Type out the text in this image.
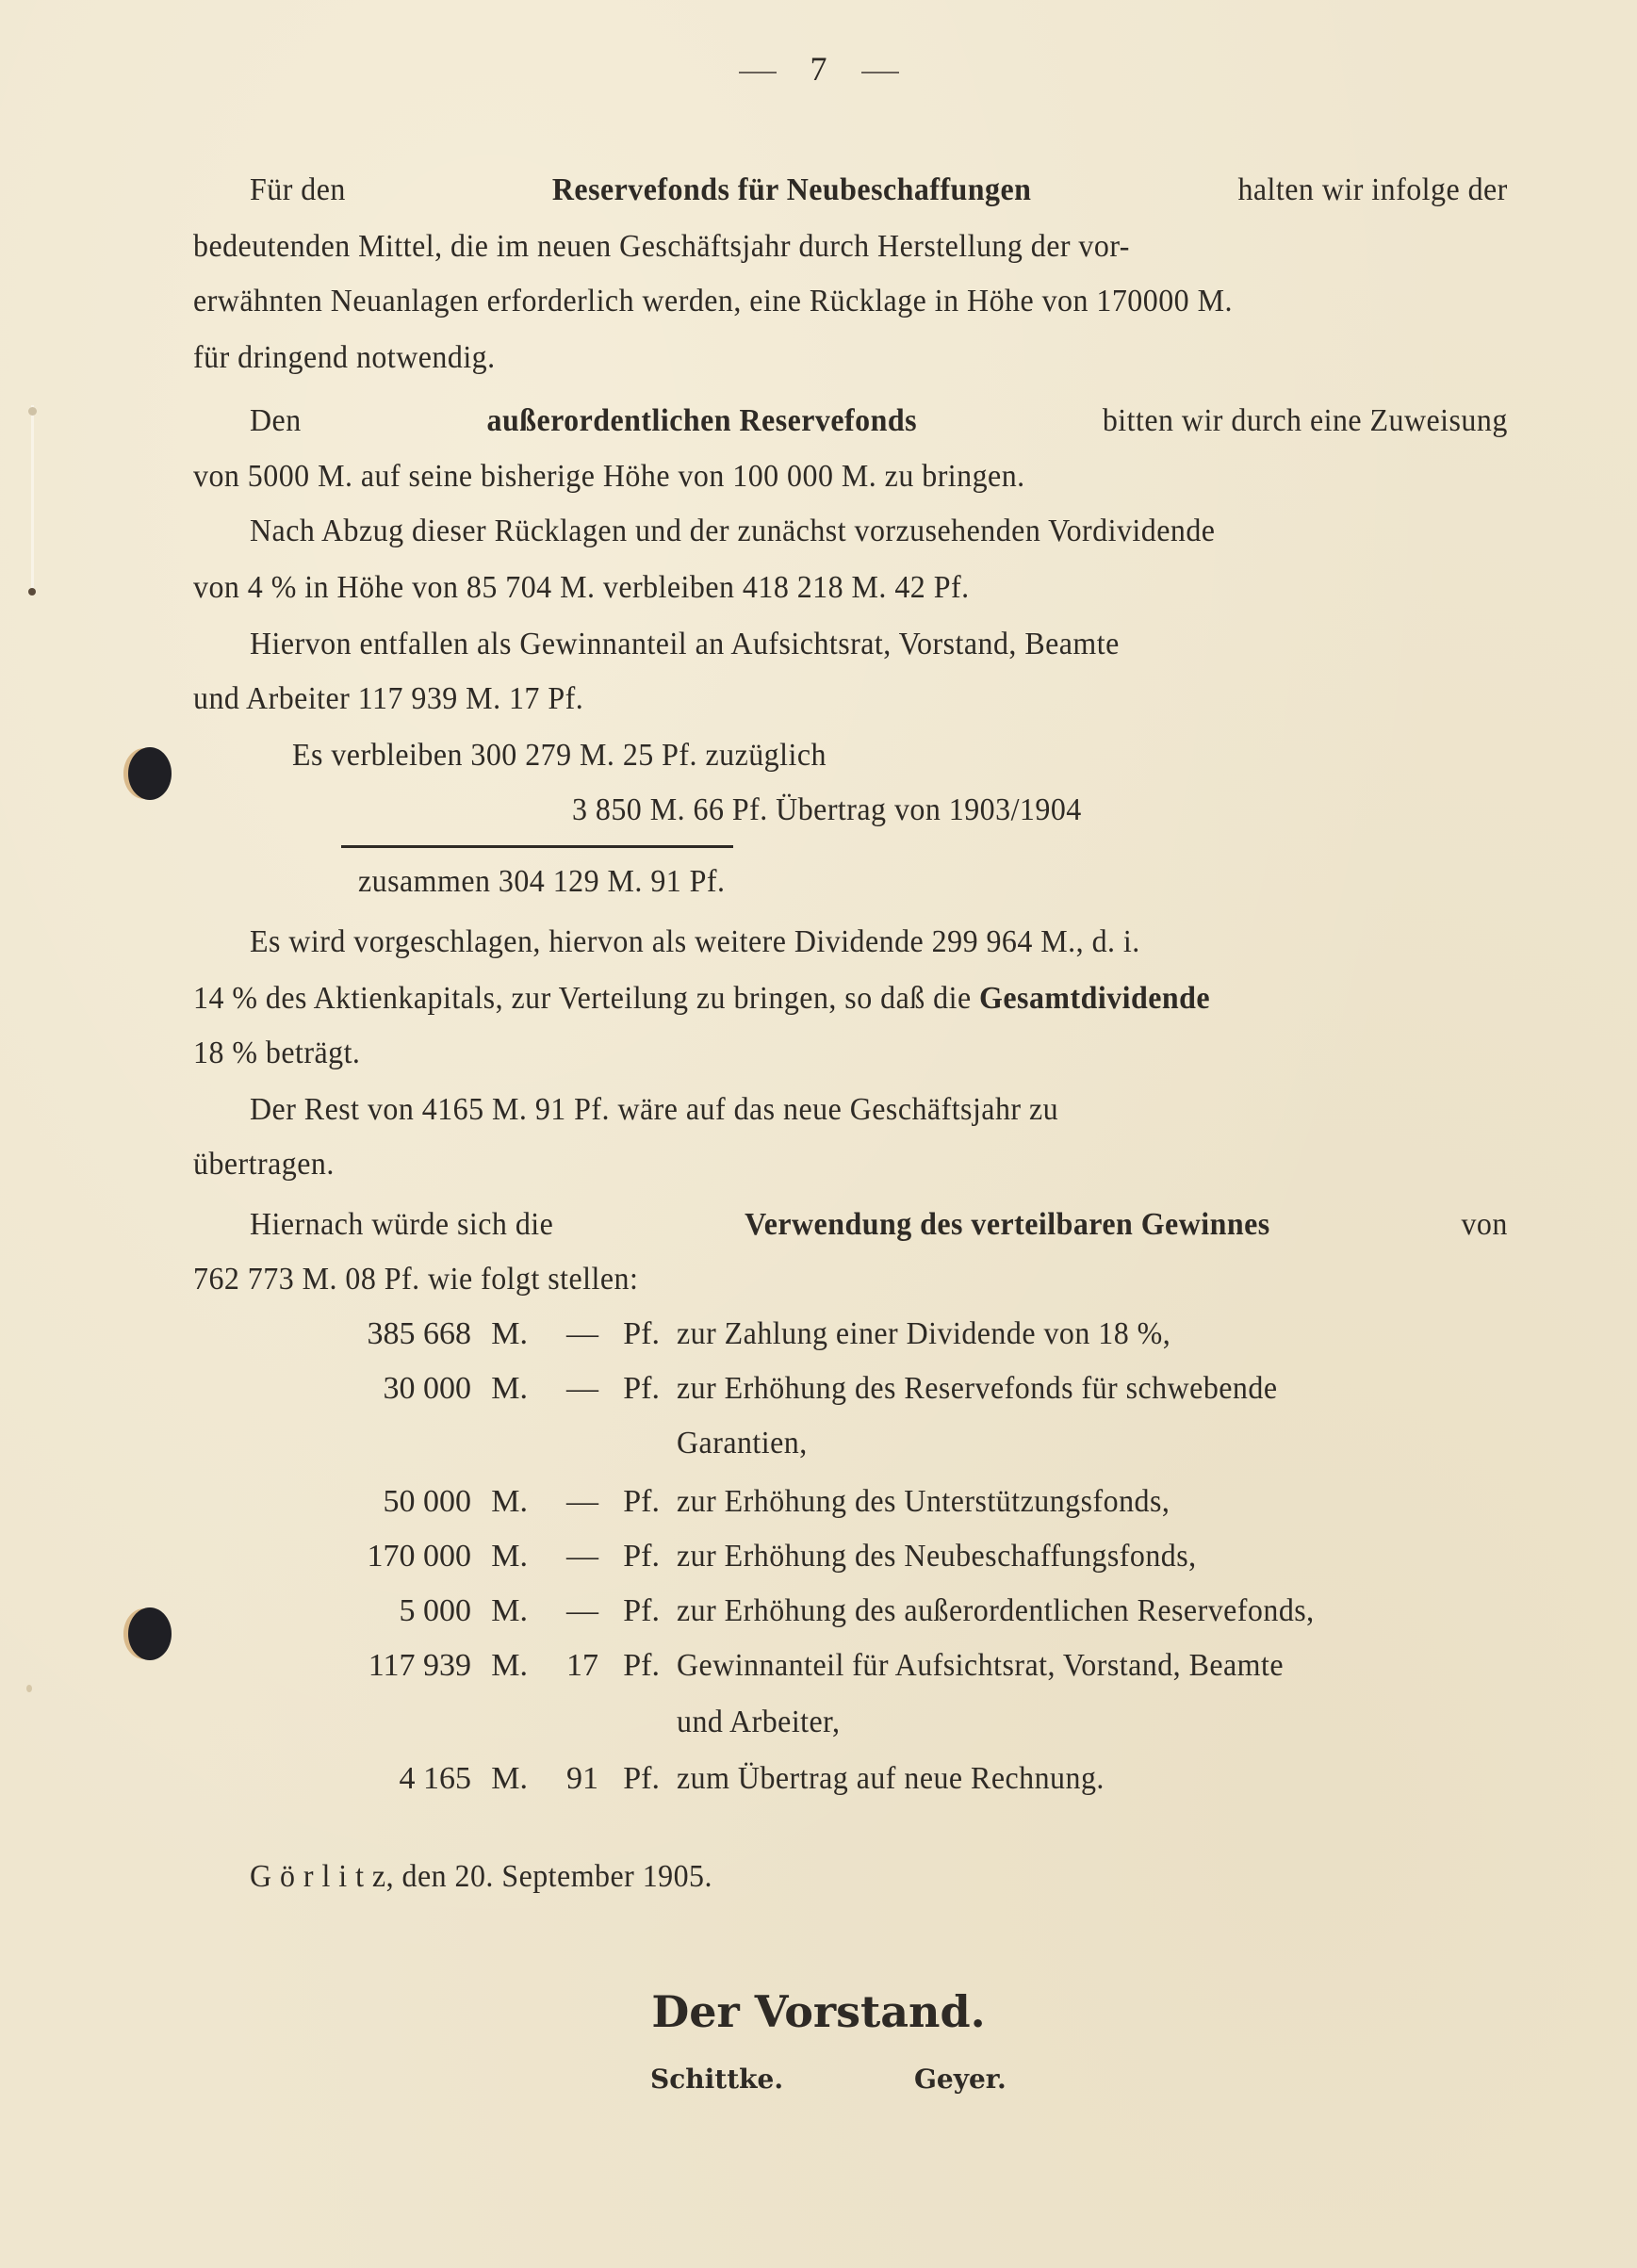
7
Für den	Reservefonds für Neubeschaffungen	halten wir infolge der
bedeutenden Mittel, die im neuen Geschäftsjahr durch Herstellung der vor-
erwähnten Neuanlagen erforderlich werden, eine Rücklage in Höhe von 170000 M.
für dringend notwendig.
Den	außerordentlichen Reservefonds	bitten wir durch eine Zuweisung
von 5000 M. auf seine bisherige Höhe von 100 000 M. zu bringen.
Nach Abzug dieser Rücklagen und der zunächst vorzusehenden Vordividende
von 4 % in Höhe von 85 704 M. verbleiben 418 218 M. 42 Pf.
Hiervon entfallen als Gewinnanteil an Aufsichtsrat, Vorstand, Beamte
und Arbeiter 117 939 M. 17 Pf.
Es verbleiben 300 279 M. 25 Pf. zuzüglich
3 850 M. 66 Pf. Übertrag von 1903/1904
zusammen 304 129 M. 91 Pf.
Es wird vorgeschlagen, hiervon als weitere Dividende 299 964 M., d. i.
14 % des Aktienkapitals, zur Verteilung zu bringen, so daß die Gesamtdividende
18 % beträgt.
Der Rest von 4165 M. 91 Pf. wäre auf das neue Geschäftsjahr zu
übertragen.
Hiernach würde sich die	Verwendung des verteilbaren Gewinnes	von
762 773 M. 08 Pf. wie folgt stellen:
385 668 M.	— Pf. zur Zahlung einer Dividende von 18 %,
30 000 M.	— Pf. zur Erhöhung des Reservefonds für schwebende
Garantien,
50 000 M.	— Pf. zur Erhöhung des Unterstützungsfonds,
170 000 M.	— Pf. zur Erhöhung des Neubeschaffungsfonds,
5 000 M.	— Pf. zur Erhöhung des außerordentlichen Reservefonds,
117 939 M.	17 Pf. Gewinnanteil für Aufsichtsrat, Vorstand, Beamte
und Arbeiter,
4 165 M.	91 Pf. zum Übertrag auf neue Rechnung.
G ö r l i t z, den 20. September 1905.
Der Vorstand.
Schittke.	Geyer.
